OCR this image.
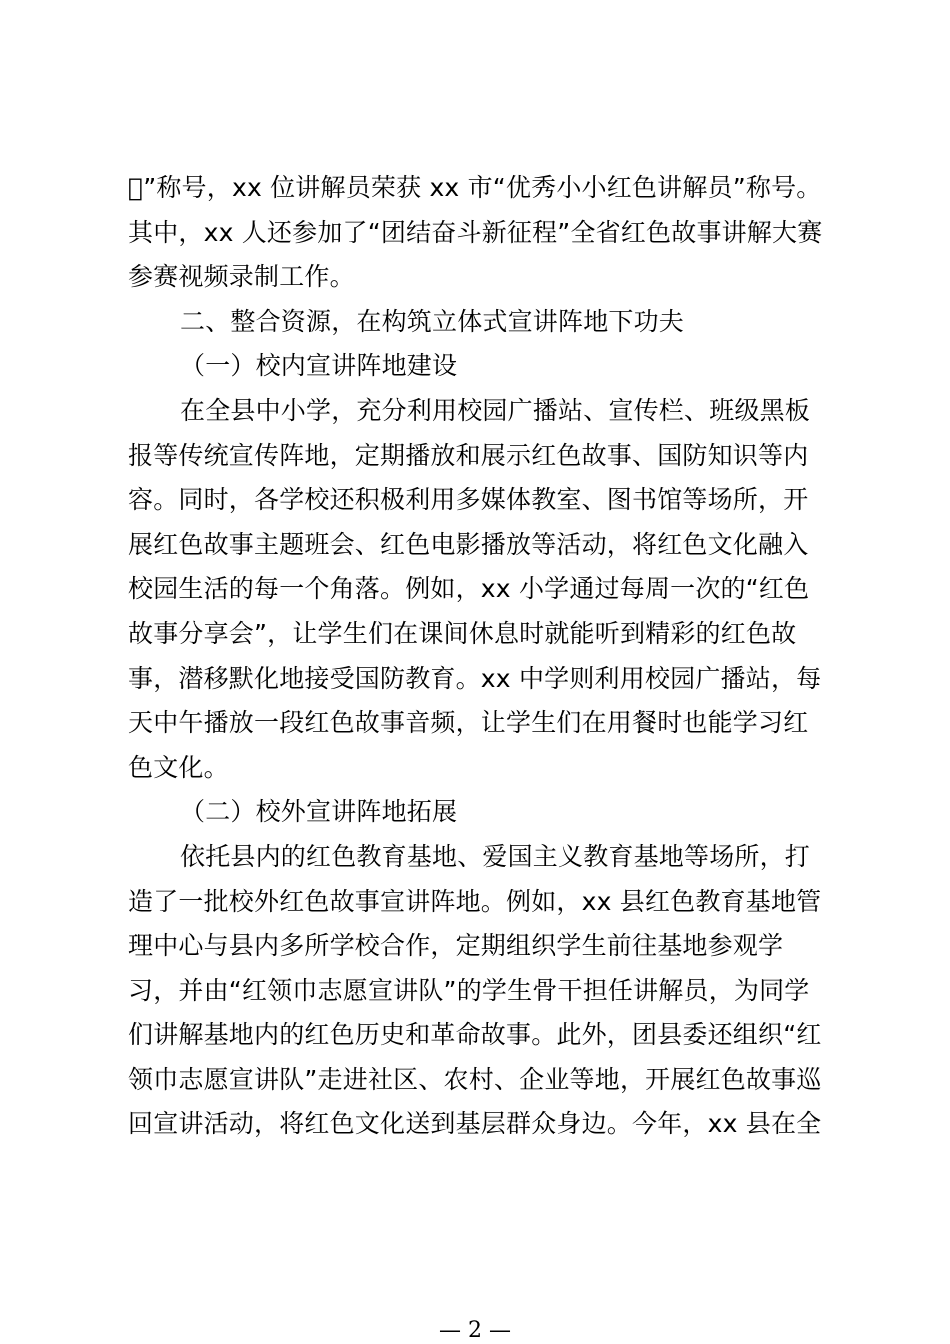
 ”称号，xx 位讲解员荣获 xx 市“优秀小小红色讲解员”称号。
其中，xx 人还参加了“团结奋斗新征程”全省红色故事讲解大赛
参赛视频录制工作。
二、整合资源，在构筑立体式宣讲阵地下功夫
（一）校内宣讲阵地建设
在全县中小学，充分利用校园广播站、宣传栏、班级黑板
报等传统宣传阵地，定期播放和展示红色故事、国防知识等内
容。同时，各学校还积极利用多媒体教室、图书馆等场所，开
展红色故事主题班会、红色电影播放等活动，将红色文化融入
校园生活的每一个角落。例如，xx 小学通过每周一次的“红色
故事分享会”，让学生们在课间休息时就能听到精彩的红色故
事，潜移默化地接受国防教育。xx 中学则利用校园广播站，每
天中午播放一段红色故事音频，让学生们在用餐时也能学习红
色文化。
（二）校外宣讲阵地拓展
依托县内的红色教育基地、爱国主义教育基地等场所，打
造了一批校外红色故事宣讲阵地。例如，xx 县红色教育基地管
理中心与县内多所学校合作，定期组织学生前往基地参观学
习，并由“红领巾志愿宣讲队”的学生骨干担任讲解员，为同学
们讲解基地内的红色历史和革命故事。此外，团县委还组织“红
领巾志愿宣讲队”走进社区、农村、企业等地，开展红色故事巡
回宣讲活动，将红色文化送到基层群众身边。今年，xx 县在全
— 2 —
